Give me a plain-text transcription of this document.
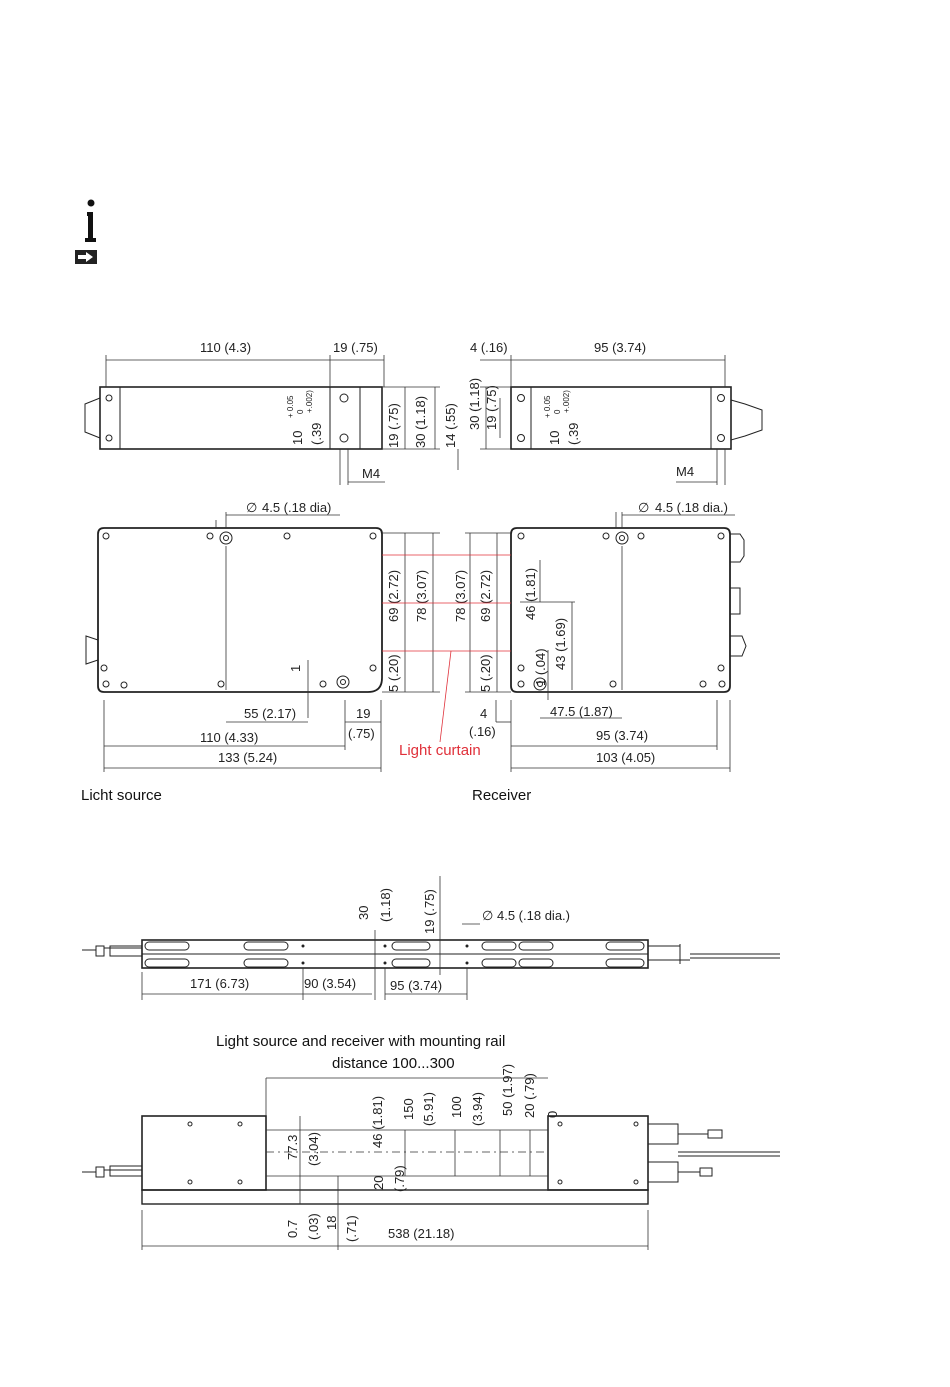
110 (4.3)	19 (.75)
10
+ 0.05 0
(.39
+.002)
19 (.75) 30 (1.18) 14 (.55)
M4
4 (.16)	95 (3.74)
30 (1.18) 19 (.75)
10
+ 0.05 0
(.39
+.002)
M4
∅ 4.5 (.18 dia)
69 (2.72) 78 (3.07)
5 (.20)
1
55 (2.17)	19
(.75)
110 (4.33)
133 (5.24)
∅ 4.5 (.18 dia.)
78 (3.07) 69 (2.72)
5 (.20)
46 (1.81)
1 (.04) 43 (1.69)
4
(.16)
47.5 (1.87)
95 (3.74)
103 (4.05)
Light curtain
Licht source	Receiver
30 (1.18) 19 (.75)	∅ 4.5 (.18 dia.)
171 (6.73)	90 (3.54)	95 (3.74)
Light source and receiver with mounting rail
distance 100...300
46 (1.81) 150 (5.91) 100 (3.94) 50 (1.97) 20 (.79) 0
77.3 (3.04)
20 (.79)
0.7 (.03) 18 (.71) 538 (21.18)
